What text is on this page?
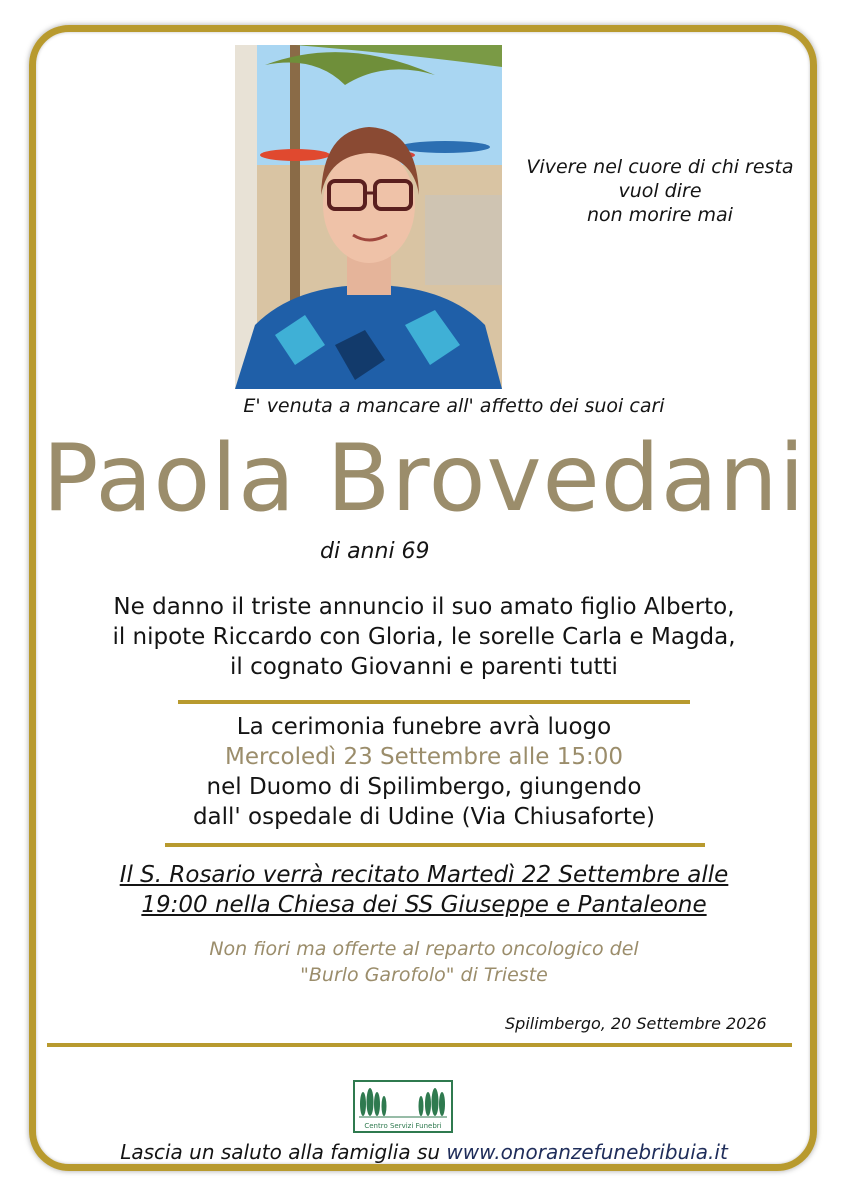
Vivere nel cuore di chi resta
vuol dire
non morire mai
E' venuta a mancare all' affetto dei suoi cari
Paola Brovedani
di anni 69
Ne danno il triste annuncio il suo amato figlio Alberto,
il nipote Riccardo con Gloria, le sorelle Carla e Magda,
il cognato Giovanni e parenti tutti
La cerimonia funebre avrà luogo
Mercoledì 23 Settembre alle 15:00
nel Duomo di Spilimbergo, giungendo
dall' ospedale di Udine (Via Chiusaforte)
Il S. Rosario verrà recitato Martedì 22 Settembre alle
19:00 nella Chiesa dei SS Giuseppe e Pantaleone
Non fiori ma offerte al reparto oncologico del
"Burlo Garofolo" di Trieste
Spilimbergo, 20 Settembre 2026
Centro Servizi Funebri
Lascia un saluto alla famiglia su www.onoranzefunebribuia.it
